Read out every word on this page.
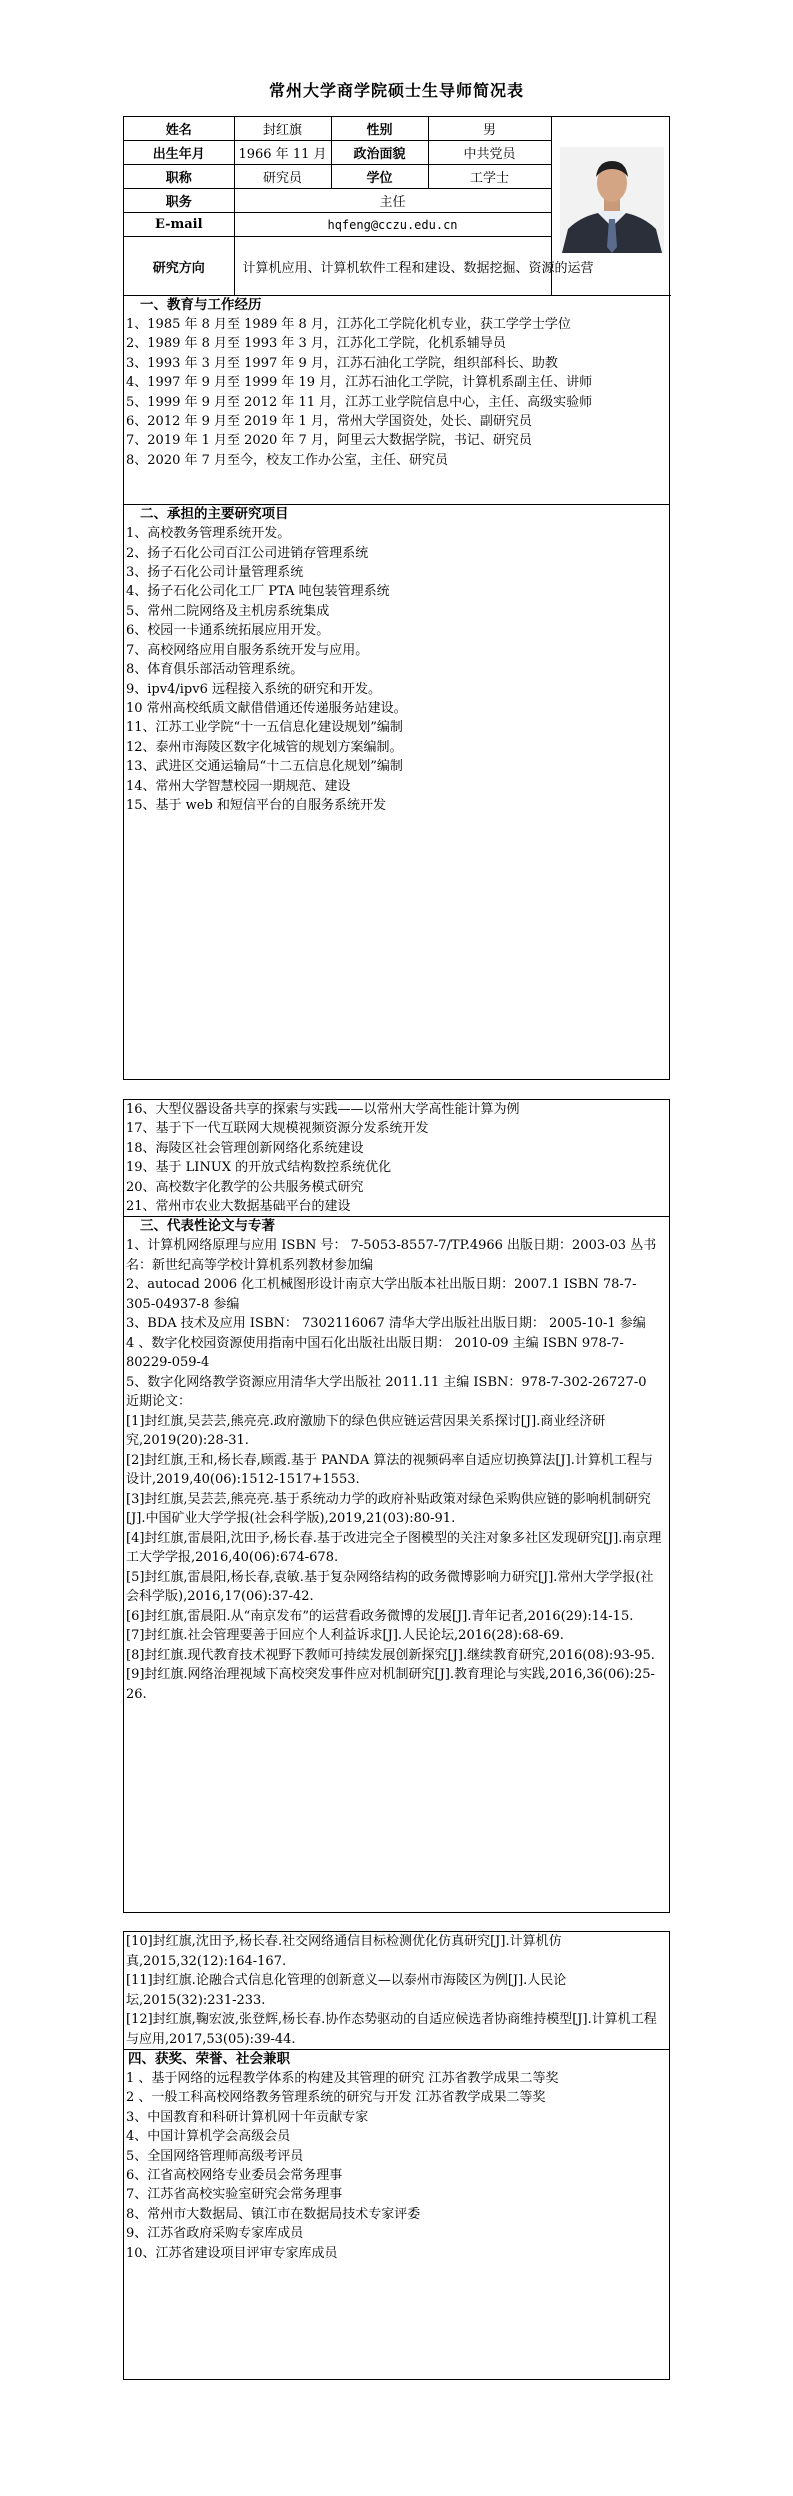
常州大学商学院硕士生导师简况表
姓名	封红旗	性别	男	

出生年月	1966 年 11 月	政治面貌	中共党员	
职称	研究员	学位	工学士	
职务	主任			
E-mail	hqfeng@cczu.edu.cn			
研究方向	计算机应用、计算机软件工程和建设、数据挖掘、资源的运营			
一、教育与工作经历
1、1985 年 8 月至 1989 年 8 月，江苏化工学院化机专业，获工学学士学位
2、1989 年 8 月至 1993 年 3 月，江苏化工学院，化机系辅导员
3、1993 年 3 月至 1997 年 9 月，江苏石油化工学院，组织部科长、助教
4、1997 年 9 月至 1999 年 19 月，江苏石油化工学院，计算机系副主任、讲师
5、1999 年 9 月至 2012 年 11 月，江苏工业学院信息中心，主任、高级实验师
6、2012 年 9 月至 2019 年 1 月，常州大学国资处，处长、副研究员
7、2019 年 1 月至 2020 年 7 月，阿里云大数据学院，书记、研究员
8、2020 年 7 月至今，校友工作办公室，主任、研究员
二、承担的主要研究项目
1、高校教务管理系统开发。
2、扬子石化公司百江公司进销存管理系统
3、扬子石化公司计量管理系统
4、扬子石化公司化工厂 PTA 吨包装管理系统
5、常州二院网络及主机房系统集成
6、校园一卡通系统拓展应用开发。
7、高校网络应用自服务系统开发与应用。
8、体育俱乐部活动管理系统。
9、ipv4/ipv6 远程接入系统的研究和开发。
10 常州高校纸质文献借借通还传递服务站建设。
11、江苏工业学院“十一五信息化建设规划”编制
12、泰州市海陵区数字化城管的规划方案编制。
13、武进区交通运输局“十二五信息化规划”编制
14、常州大学智慧校园一期规范、建设
15、基于 web 和短信平台的自服务系统开发
16、大型仪器设备共享的探索与实践——以常州大学高性能计算为例
17、基于下一代互联网大规模视频资源分发系统开发
18、海陵区社会管理创新网络化系统建设
19、基于 LINUX 的开放式结构数控系统优化
20、高校数字化教学的公共服务模式研究
21、常州市农业大数据基础平台的建设
三、代表性论文与专著
1、计算机网络原理与应用 ISBN 号： 7-5053-8557-7/TP.4966 出版日期：2003-03 丛书名：新世纪高等学校计算机系列教材参加编
2、autocad 2006 化工机械图形设计南京大学出版本社出版日期：2007.1 ISBN 78-7-305-04937-8 参编
3、BDA 技术及应用 ISBN： 7302116067 清华大学出版社出版日期： 2005-10-1 参编
4 、数字化校园资源使用指南中国石化出版社出版日期： 2010-09 主编 ISBN 978-7-80229-059-4
5、数字化网络教学资源应用清华大学出版社 2011.11 主编 ISBN：978-7-302-26727-0
近期论文：
[1]封红旗,吴芸芸,熊亮亮.政府激励下的绿色供应链运营因果关系探讨[J].商业经济研究,2019(20):28-31.
[2]封红旗,王和,杨长春,顾霞.基于 PANDA 算法的视频码率自适应切换算法[J].计算机工程与设计,2019,40(06):1512-1517+1553.
[3]封红旗,吴芸芸,熊亮亮.基于系统动力学的政府补贴政策对绿色采购供应链的影响机制研究[J].中国矿业大学学报(社会科学版),2019,21(03):80-91.
[4]封红旗,雷晨阳,沈田予,杨长春.基于改进完全子图模型的关注对象多社区发现研究[J].南京理工大学学报,2016,40(06):674-678.
[5]封红旗,雷晨阳,杨长春,袁敏.基于复杂网络结构的政务微博影响力研究[J].常州大学学报(社会科学版),2016,17(06):37-42.
[6]封红旗,雷晨阳.从“南京发布”的运营看政务微博的发展[J].青年记者,2016(29):14-15.
[7]封红旗.社会管理要善于回应个人利益诉求[J].人民论坛,2016(28):68-69.
[8]封红旗.现代教育技术视野下教师可持续发展创新探究[J].继续教育研究,2016(08):93-95.
[9]封红旗.网络治理视域下高校突发事件应对机制研究[J].教育理论与实践,2016,36(06):25-26.
[10]封红旗,沈田予,杨长春.社交网络通信目标检测优化仿真研究[J].计算机仿真,2015,32(12):164-167.
[11]封红旗.论融合式信息化管理的创新意义—以泰州市海陵区为例[J].人民论坛,2015(32):231-233.
[12]封红旗,鞠宏波,张登辉,杨长春.协作态势驱动的自适应候选者协商维持模型[J].计算机工程与应用,2017,53(05):39-44.
四、获奖、荣誉、社会兼职
1 、基于网络的远程教学体系的构建及其管理的研究 江苏省教学成果二等奖
2 、一般工科高校网络教务管理系统的研究与开发 江苏省教学成果二等奖
3、中国教育和科研计算机网十年贡献专家
4、中国计算机学会高级会员
5、全国网络管理师高级考评员
6、江省高校网络专业委员会常务理事
7、江苏省高校实验室研究会常务理事
8、常州市大数据局、镇江市在数据局技术专家评委
9、江苏省政府采购专家库成员
10、江苏省建设项目评审专家库成员
